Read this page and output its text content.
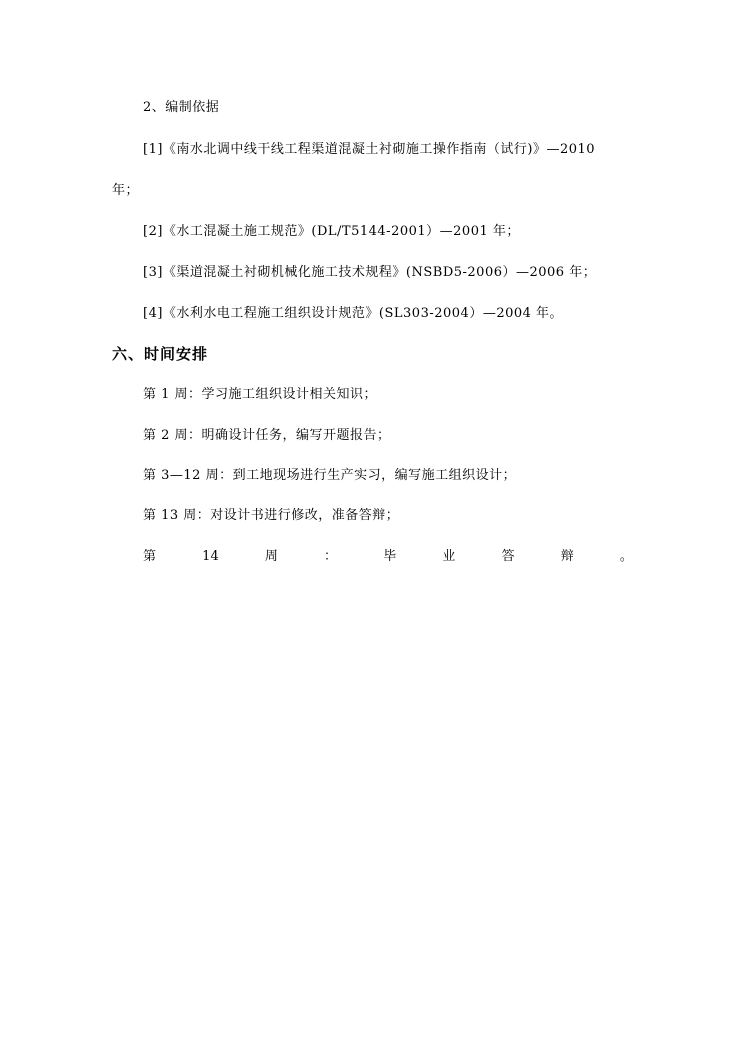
2、编制依据
[1]《南水北调中线干线工程渠道混凝土衬砌施工操作指南（试行)》—2010
年；
[2]《水工混凝土施工规范》(DL/T5144-2001）—2001 年；
[3]《渠道混凝土衬砌机械化施工技术规程》(NSBD5-2006）—2006 年；
[4]《水利水电工程施工组织设计规范》(SL303-2004）—2004 年。
六、时间安排
第 1 周：学习施工组织设计相关知识；
第 2 周：明确设计任务，编写开题报告；
第 3—12 周：到工地现场进行生产实习，编写施工组织设计；
第 13 周：对设计书进行修改，准备答辩；
第	14	周	：	毕	业	答	辩	。
